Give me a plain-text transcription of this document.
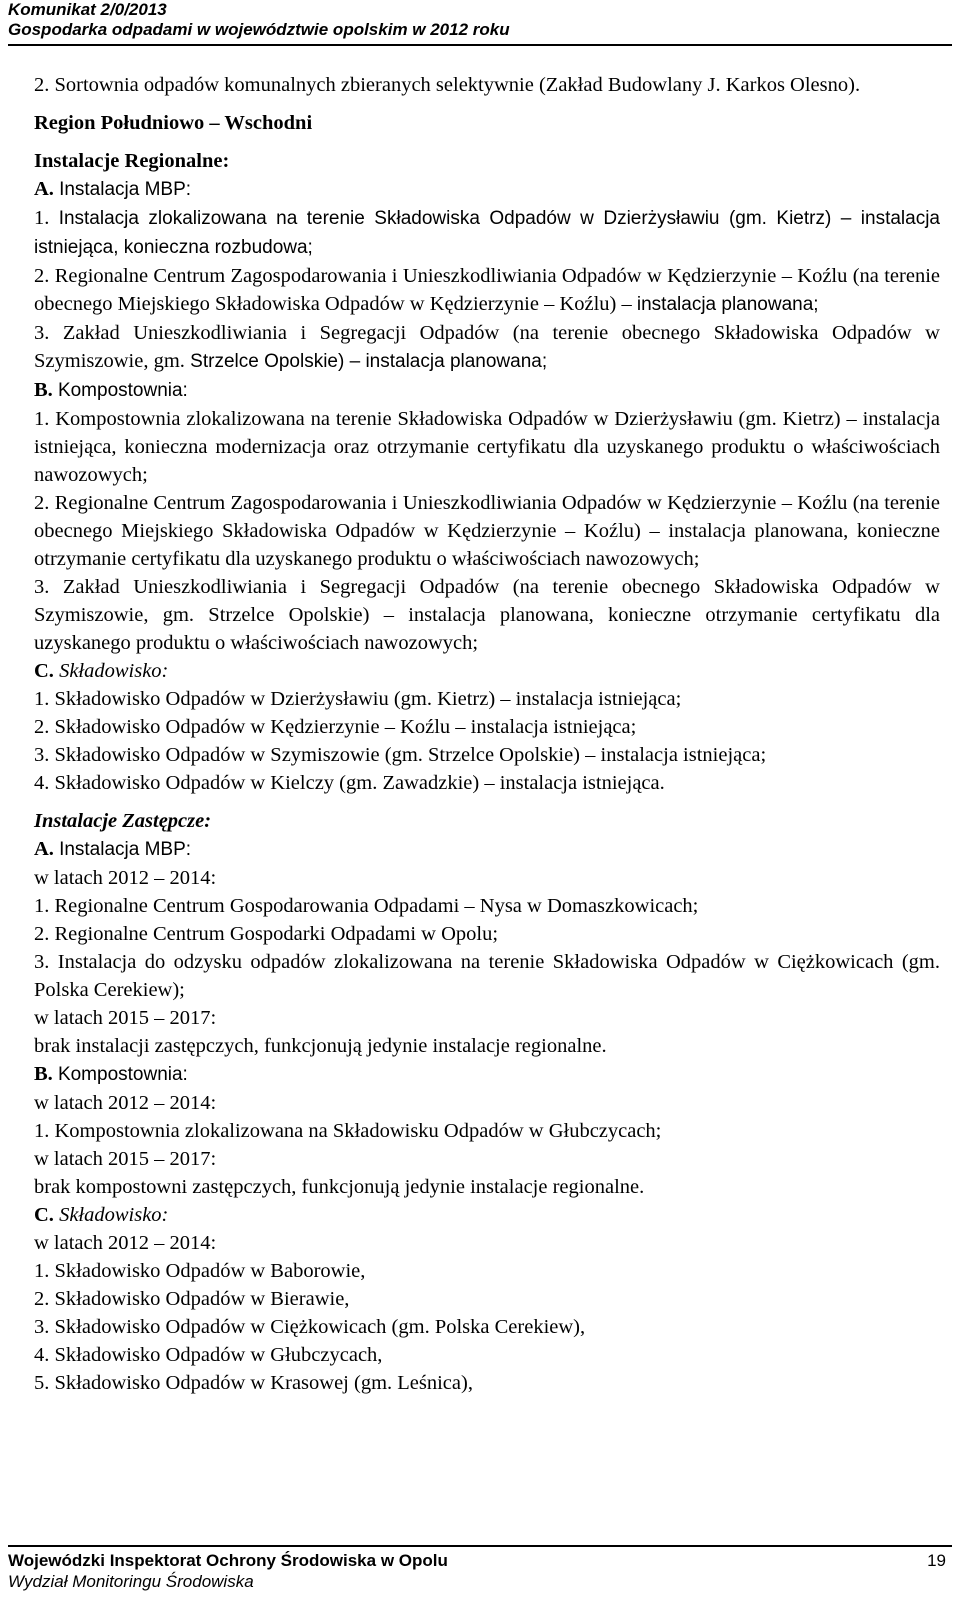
Komunikat 2/0/2013
Gospodarka odpadami w województwie opolskim w 2012 roku

2. Sortownia odpadów komunalnych zbieranych selektywnie (Zakład Budowlany J. Karkos Olesno).

Region Południowo – Wschodni

Instalacje Regionalne:

A. Instalacja MBP:

1. Instalacja zlokalizowana na terenie Składowiska Odpadów w Dzierżysławiu (gm. Kietrz) – instalacja istniejąca, konieczna rozbudowa;

2. Regionalne Centrum Zagospodarowania i Unieszkodliwiania Odpadów w Kędzierzynie – Koźlu (na terenie obecnego Miejskiego Składowiska Odpadów w Kędzierzynie – Koźlu) – instalacja planowana;

3. Zakład Unieszkodliwiania i Segregacji Odpadów (na terenie obecnego Składowiska Odpadów w Szymiszowie, gm. Strzelce Opolskie) – instalacja planowana;

B. Kompostownia:

1. Kompostownia zlokalizowana na terenie Składowiska Odpadów w Dzierżysławiu (gm. Kietrz) – instalacja istniejąca, konieczna modernizacja oraz otrzymanie certyfikatu dla uzyskanego produktu o właściwościach nawozowych;

2. Regionalne Centrum Zagospodarowania i Unieszkodliwiania Odpadów w Kędzierzynie – Koźlu (na terenie obecnego Miejskiego Składowiska Odpadów w Kędzierzynie – Koźlu) – instalacja planowana, konieczne otrzymanie certyfikatu dla uzyskanego produktu o właściwościach nawozowych;

3. Zakład Unieszkodliwiania i Segregacji Odpadów (na terenie obecnego Składowiska Odpadów w Szymiszowie, gm. Strzelce Opolskie) – instalacja planowana, konieczne otrzymanie certyfikatu dla uzyskanego produktu o właściwościach nawozowych;

C. Składowisko:

1. Składowisko Odpadów w Dzierżysławiu (gm. Kietrz) – instalacja istniejąca;

2. Składowisko Odpadów w Kędzierzynie – Koźlu – instalacja istniejąca;

3. Składowisko Odpadów w Szymiszowie (gm. Strzelce Opolskie) – instalacja istniejąca;

4. Składowisko Odpadów w Kielczy (gm. Zawadzkie) – instalacja istniejąca.

Instalacje Zastępcze:

A. Instalacja MBP:

w latach 2012 – 2014:

1. Regionalne Centrum Gospodarowania Odpadami – Nysa w Domaszkowicach;

2. Regionalne Centrum Gospodarki Odpadami w Opolu;

3. Instalacja do odzysku odpadów zlokalizowana na terenie Składowiska Odpadów w Ciężkowicach (gm. Polska Cerekiew);

w latach 2015 – 2017:

brak instalacji zastępczych, funkcjonują jedynie instalacje regionalne.

B. Kompostownia:

w latach 2012 – 2014:

1. Kompostownia zlokalizowana na Składowisku Odpadów w Głubczycach;

w latach 2015 – 2017:

brak kompostowni zastępczych, funkcjonują jedynie instalacje regionalne.

C. Składowisko:

w latach 2012 – 2014:

1. Składowisko Odpadów w Baborowie,

2. Składowisko Odpadów w Bierawie,

3. Składowisko Odpadów w Ciężkowicach (gm. Polska Cerekiew),

4. Składowisko Odpadów w Głubczycach,

5. Składowisko Odpadów w Krasowej (gm. Leśnica),

Wojewódzki Inspektorat Ochrony Środowiska w Opolu
Wydział Monitoringu Środowiska
19
